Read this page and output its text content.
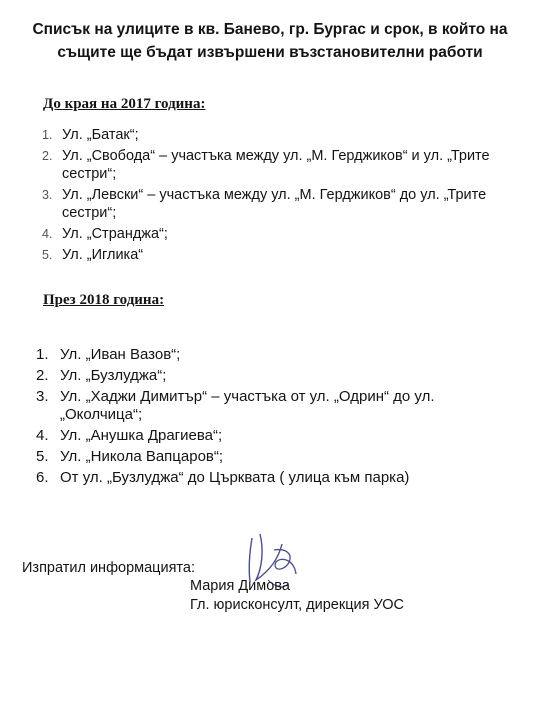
Списък на улиците в кв. Банево, гр. Бургас и срок, в който на
същите ще бъдат извършени възстановителни работи
До края на 2017 година:
1. Ул. „Батак“;
2. Ул. „Свобода“ – участъка между ул. „М. Герджиков“ и ул. „Трите сестри“;
3. Ул. „Левски“ – участъка между ул. „М. Герджиков“ до ул. „Трите сестри“;
4. Ул. „Странджа“;
5. Ул. „Иглика“
През 2018 година:
1. Ул. „Иван Вазов“;
2. Ул. „Бузлуджа“;
3. Ул. „Хаджи Димитър“ – участъка от ул. „Одрин“ до ул. „Околчица“;
4. Ул. „Анушка Драгиева“;
5. Ул. „Никола Вапцаров“;
6. От ул. „Бузлуджа“ до Църквата ( улица към парка)
Изпратил информацията:
Мария Димова
Гл. юрисконсулт, дирекция УОС
